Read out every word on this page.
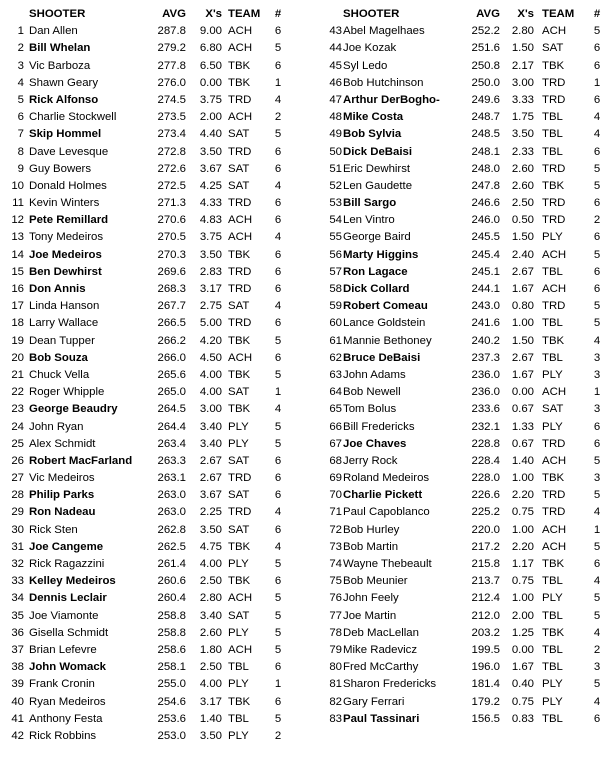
SHOOTER	AVG	X's TEAM	#
1 Dan Allen	287.8	9.00 ACH	6
2 Bill Whelan	279.2	6.80 ACH	5
3 Vic Barboza	277.8	6.50 TBK	6
4 Shawn Geary	276.0	0.00 TBK	1
5 Rick Alfonso	274.5	3.75 TRD	4
6 Charlie Stockwell	273.5	2.00 ACH	2
7 Skip Hommel	273.4	4.40 SAT	5
8 Dave Levesque	272.8	3.50 TRD	6
9 Guy Bowers	272.6	3.67 SAT	6
10 Donald Holmes	272.5	4.25 SAT	4
11 Kevin Winters	271.3	4.33 TRD	6
12 Pete Remillard	270.6	4.83 ACH	6
13 Tony Medeiros	270.5	3.75 ACH	4
14 Joe Medeiros	270.3	3.50 TBK	6
15 Ben Dewhirst	269.6	2.83 TRD	6
16 Don Annis	268.3	3.17 TRD	6
17 Linda Hanson	267.7	2.75 SAT	4
18 Larry Wallace	266.5	5.00 TRD	6
19 Dean Tupper	266.2	4.20 TBK	5
20 Bob Souza	266.0	4.50 ACH	6
21 Chuck Vella	265.6	4.00 TBK	5
22 Roger Whipple	265.0	4.00 SAT	1
23 George Beaudry	264.5	3.00 TBK	4
24 John Ryan	264.4	3.40 PLY	5
25 Alex Schmidt	263.4	3.40 PLY	5
26 Robert MacFarland	263.3	2.67 SAT	6
27 Vic Medeiros	263.1	2.67 TRD	6
28 Philip Parks	263.0	3.67 SAT	6
29 Ron Nadeau	263.0	2.25 TRD	4
30 Rick Sten	262.8	3.50 SAT	6
31 Joe Cangeme	262.5	4.75 TBK	4
32 Rick Ragazzini	261.4	4.00 PLY	5
33 Kelley Medeiros	260.6	2.50 TBK	6
34 Dennis Leclair	260.4	2.80 ACH	5
35 Joe Viamonte	258.8	3.40 SAT	5
36 Gisella Schmidt	258.8	2.60 PLY	5
37 Brian Lefevre	258.6	1.80 ACH	5
38 John Womack	258.1	2.50 TBL	6
39 Frank Cronin	255.0	4.00 PLY	1
40 Ryan Medeiros	254.6	3.17 TBK	6
41 Anthony Festa	253.6	1.40 TBL	5
42 Rick Robbins	253.0	3.50 PLY	2
SHOOTER	AVG	X's TEAM	#
43 Abel Magelhaes	252.2	2.80 ACH	5
44 Joe Kozak	251.6	1.50 SAT	6
45 Syl Ledo	250.8	2.17 TBK	6
46 Bob Hutchinson	250.0	3.00 TRD	1
47 Arthur DerBogho-	249.6	3.33 TRD	6
48 Mike Costa	248.7	1.75 TBL	4
49 Bob Sylvia	248.5	3.50 TBL	4
50 Dick DeBaisi	248.1	2.33 TBL	6
51 Eric Dewhirst	248.0	2.60 TRD	5
52 Len Gaudette	247.8	2.60 TBK	5
53 Bill Sargo	246.6	2.50 TRD	6
54 Len Vintro	246.0	0.50 TRD	2
55 George Baird	245.5	1.50 PLY	6
56 Marty Higgins	245.4	2.40 ACH	5
57 Ron Lagace	245.1	2.67 TBL	6
58 Dick Collard	244.1	1.67 ACH	6
59 Robert Comeau	243.0	0.80 TRD	5
60 Lance Goldstein	241.6	1.00 TBL	5
61 Mannie Bethoney	240.2	1.50 TBK	4
62 Bruce DeBaisi	237.3	2.67 TBL	3
63 John Adams	236.0	1.67 PLY	3
64 Bob Newell	236.0	0.00 ACH	1
65 Tom Bolus	233.6	0.67 SAT	3
66 Bill Fredericks	232.1	1.33 PLY	6
67 Joe Chaves	228.8	0.67 TRD	6
68 Jerry Rock	228.4	1.40 ACH	5
69 Roland Medeiros	228.0	1.00 TBK	3
70 Charlie Pickett	226.6	2.20 TRD	5
71 Paul Capoblanco	225.2	0.75 TRD	4
72 Bob Hurley	220.0	1.00 ACH	1
73 Bob Martin	217.2	2.20 ACH	5
74 Wayne Thebeault	215.8	1.17 TBK	6
75 Bob Meunier	213.7	0.75 TBL	4
76 John Feely	212.4	1.00 PLY	5
77 Joe Martin	212.0	2.00 TBL	5
78 Deb MacLellan	203.2	1.25 TBK	4
79 Mike Radevicz	199.5	0.00 TBL	2
80 Fred McCarthy	196.0	1.67 TBL	3
81 Sharon Fredericks	181.4	0.40 PLY	5
82 Gary Ferrari	179.2	0.75 PLY	4
83 Paul Tassinari	156.5	0.83 TBL	6
